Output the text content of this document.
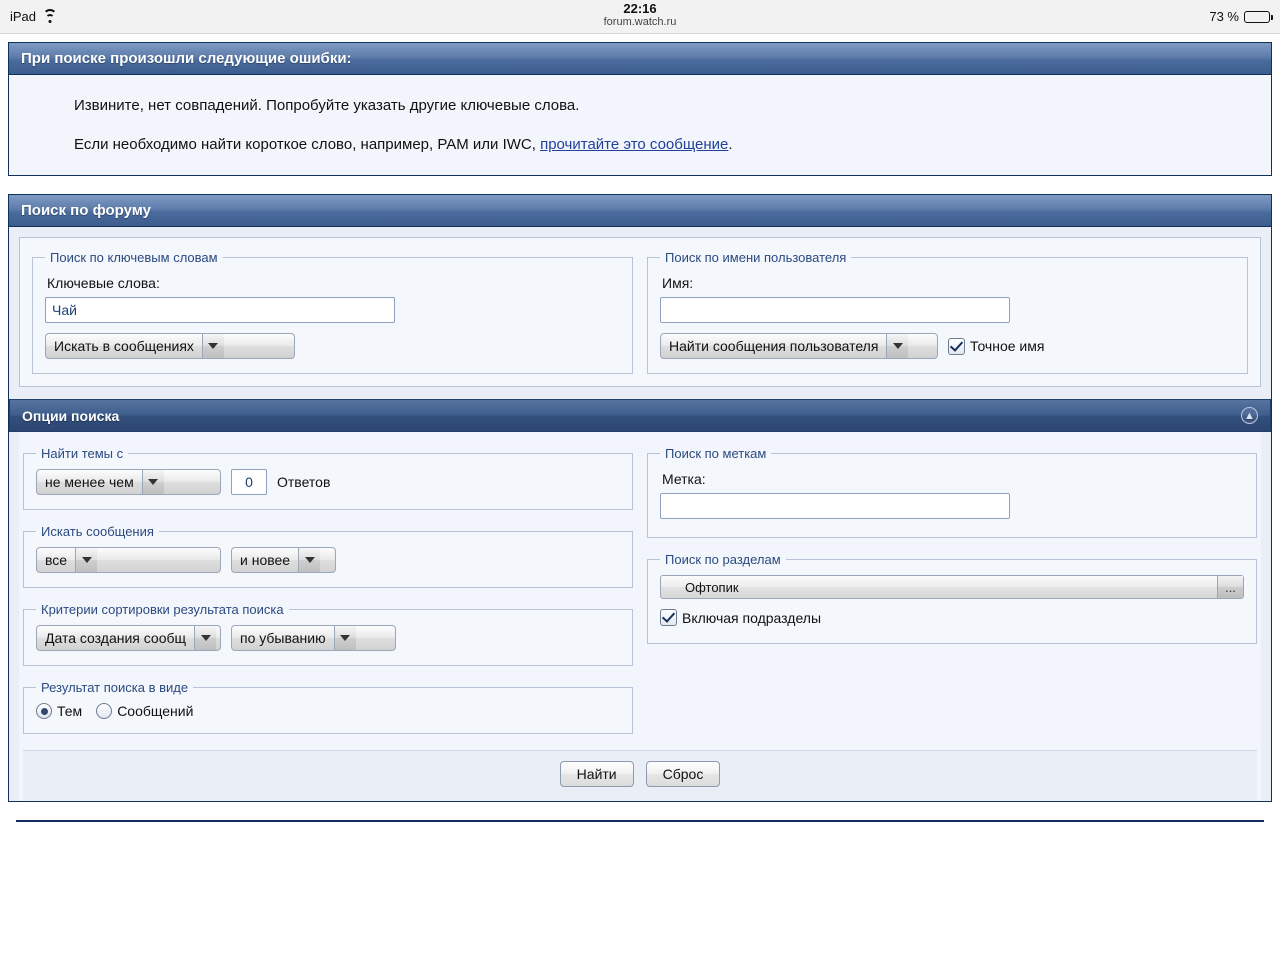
iPad
22:16
forum.watch.ru	73 %
При поиске произошли следующие ошибки:
Извините, нет совпадений. Попробуйте указать другие ключевые слова.
Если необходимо найти короткое слово, например, PAM или IWC, прочитайте это сообщение.
Поиск по форуму
Поиск по ключевым словам
Ключевые слова:
Чай
Искать в сообщениях
Поиск по имени пользователя
Имя:
Найти сообщения пользователя	Точное имя
Опции поиска	▲
Найти темы с
не менее чем
0	Ответов
Искать сообщения
все	и новее
Критерии сортировки результата поиска
Дата создания сообщ	по убыванию
Результат поиска в виде
Тем	Сообщений
Поиск по меткам
Метка:
Поиск по разделам
Офтопик	...
Включая подразделы
Найти	Сброс
